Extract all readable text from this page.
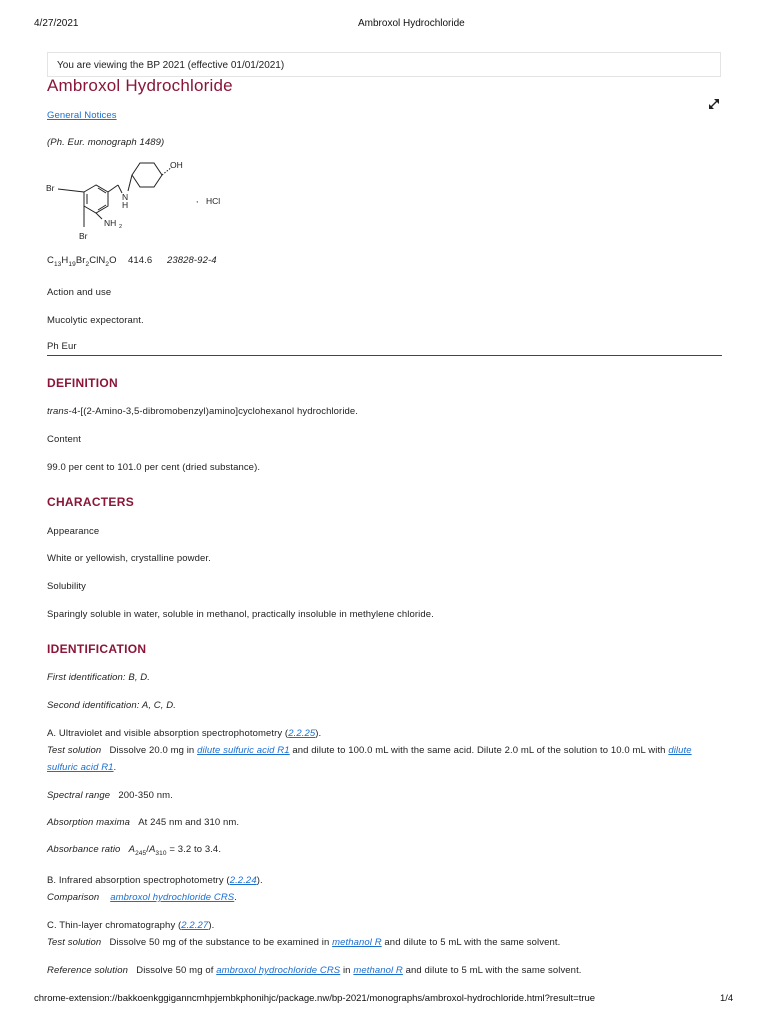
4/27/2021	Ambroxol Hydrochloride
You are viewing the BP 2021 (effective 01/01/2021)
Ambroxol Hydrochloride
General Notices
(Ph. Eur. monograph 1489)
OH
Br
N
H
NH 2
Br
, HCl
$C_{13}H_{19}Br_2ClN_2O$ 414.6 23828-92-4
Action and use
Mucolytic expectorant.
Ph Eur
DEFINITION
trans-4-[(2-Amino-3,5-dibromobenzyl)amino]cyclohexanol hydrochloride.
Content
99.0 per cent to 101.0 per cent (dried substance).
CHARACTERS
Appearance
White or yellowish, crystalline powder.
Solubility
Sparingly soluble in water, soluble in methanol, practically insoluble in methylene chloride.
IDENTIFICATION
First identification: B, D.
Second identification: A, C, D.
A. Ultraviolet and visible absorption spectrophotometry (2.2.25).
Test solution Dissolve 20.0 mg in dilute sulfuric acid R1 and dilute to 100.0 mL with the same acid. Dilute 2.0 mL of the solution to 10.0 mL with dilute
sulfuric acid R1.
Spectral range 200-350 nm.
Absorption maxima At 245 nm and 310 nm.
Absorbance ratio $A_{245}/A_{310} = 3.2$ to 3.4.
B. Infrared absorption spectrophotometry (2.2.24).
Comparison ambroxol hydrochloride CRS.
C. Thin-layer chromatography (2.2.27).
Test solution Dissolve 50 mg of the substance to be examined in methanol R and dilute to 5 mL with the same solvent.
Reference solution Dissolve 50 mg of ambroxol hydrochloride CRS in methanol R and dilute to 5 mL with the same solvent.
chrome-extension://bakkoenkggiganncmhpjembkphonihjc/package.nw/bp-2021/monographs/ambroxol-hydrochloride.html?result=true	1/4
